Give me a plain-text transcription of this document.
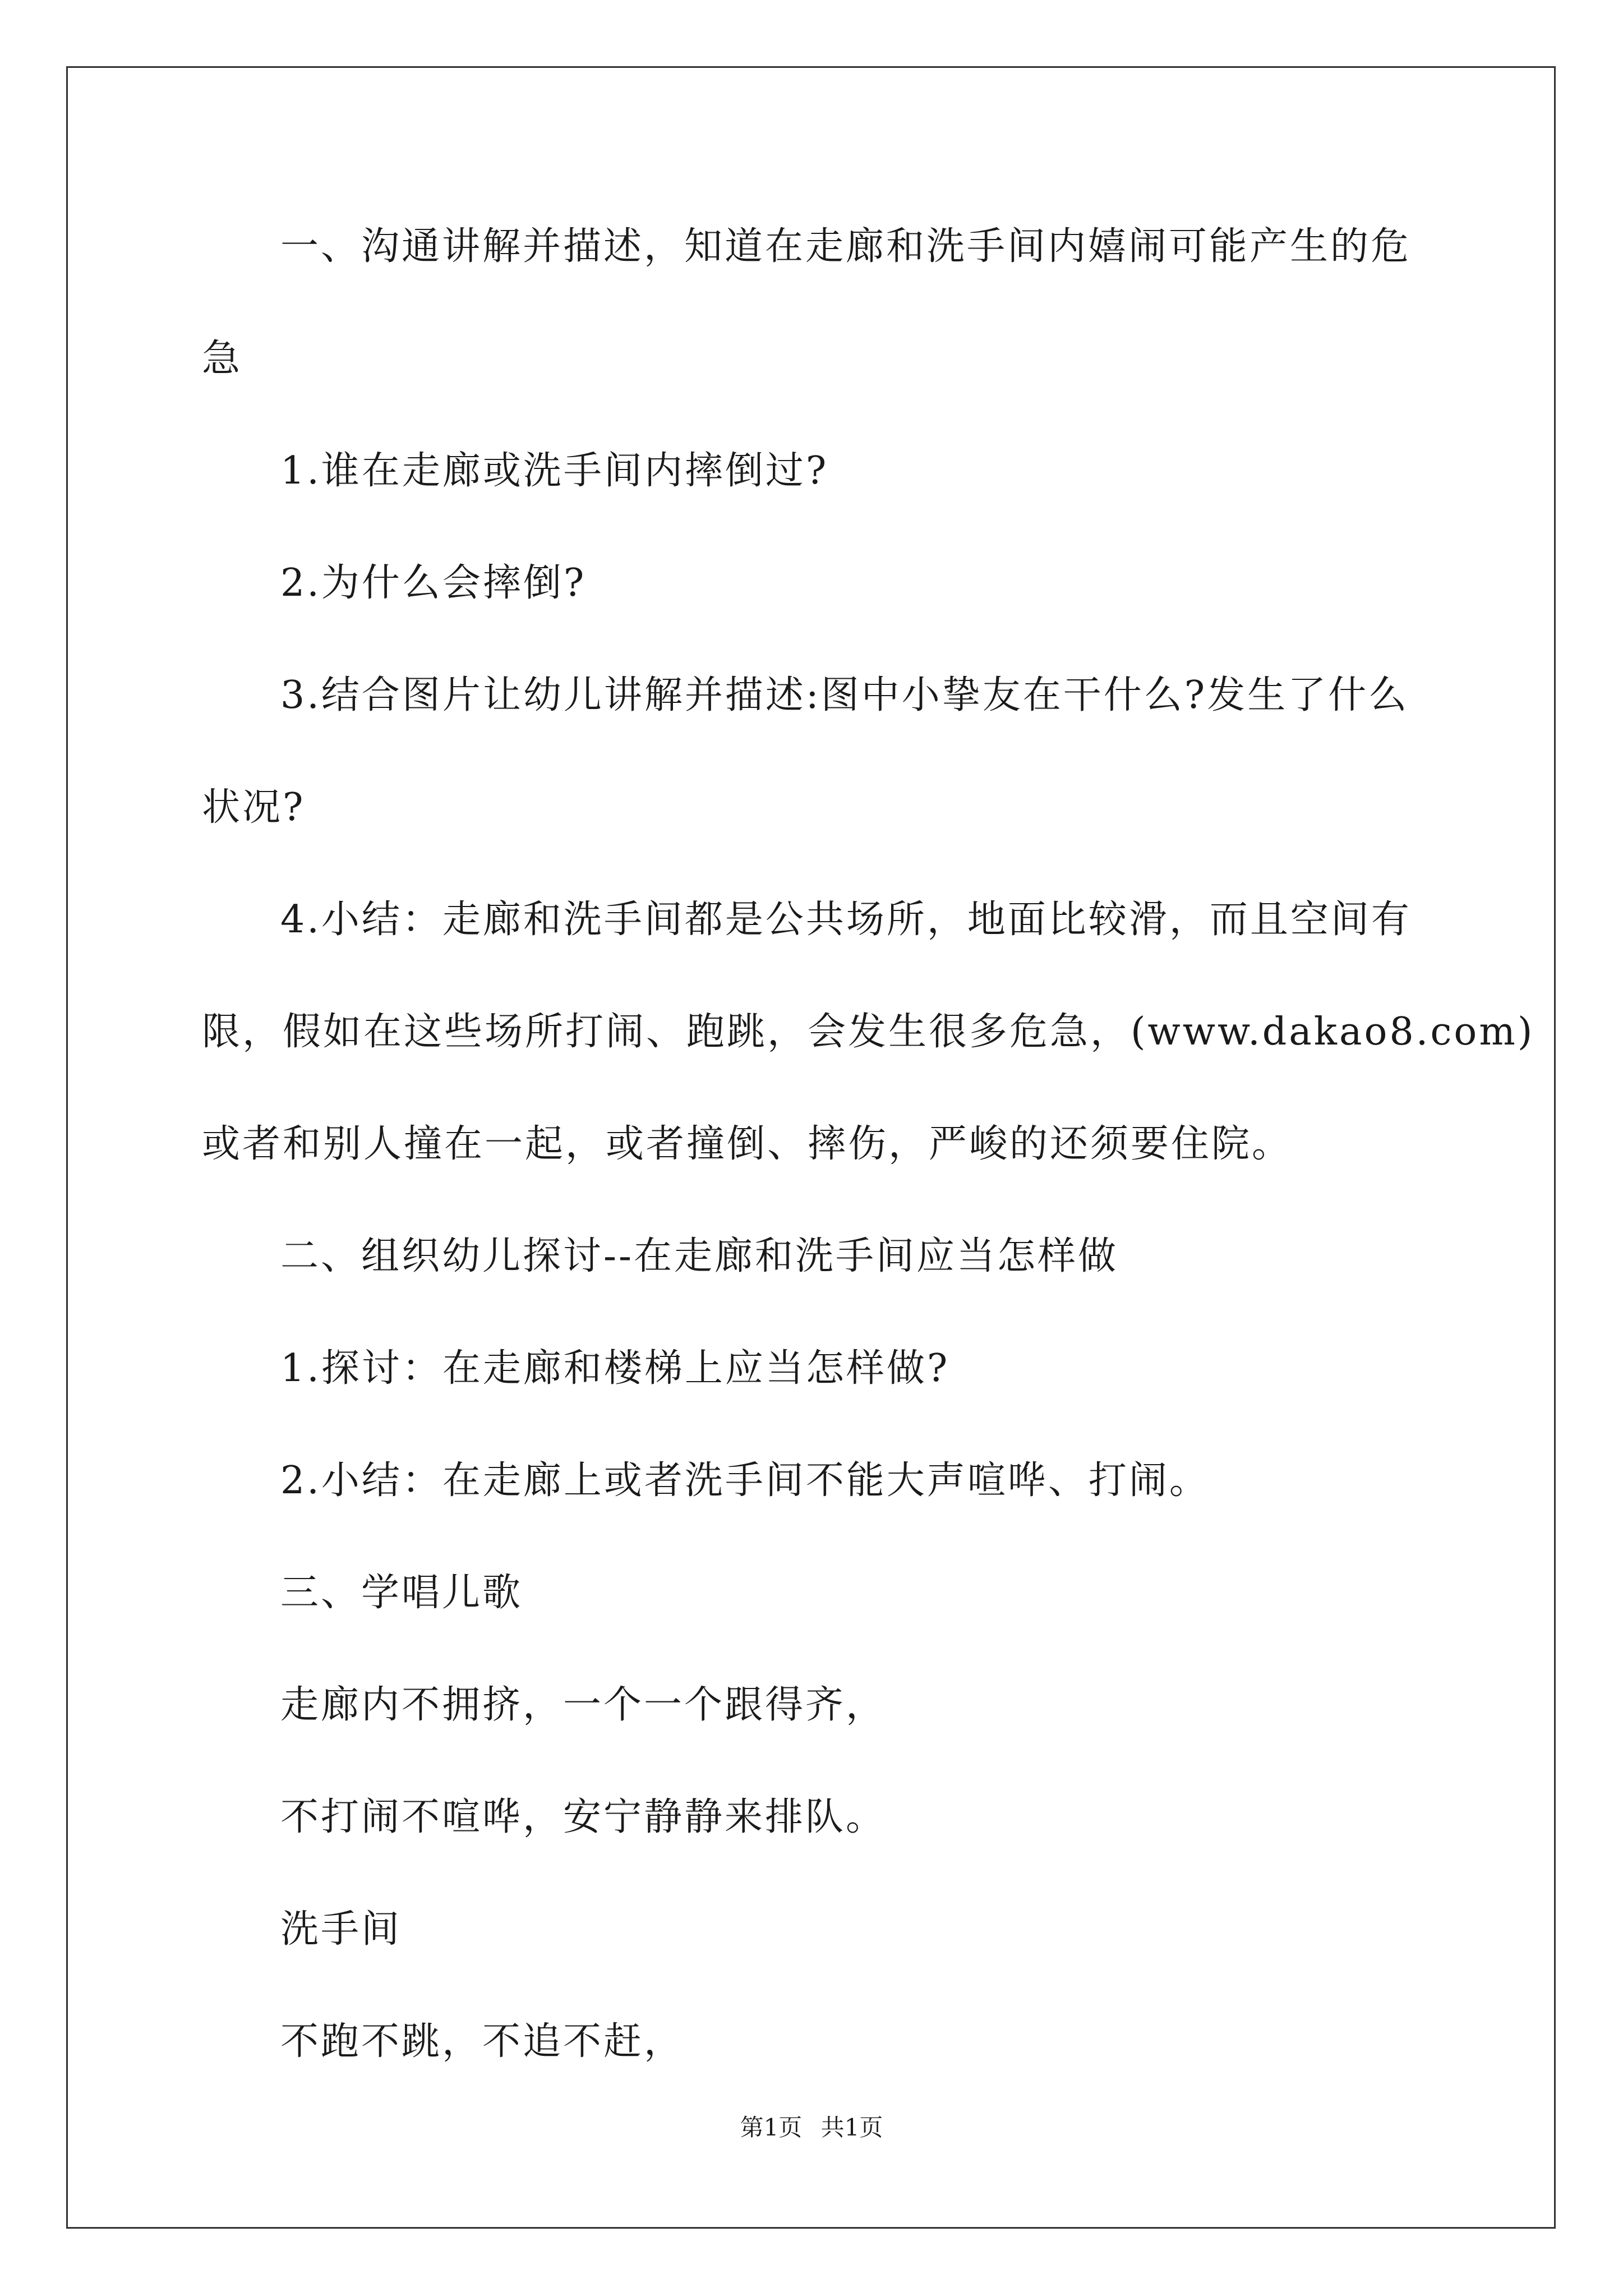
一、沟通讲解并描述，知道在走廊和洗手间内嬉闹可能产生的危
急
1.谁在走廊或洗手间内摔倒过?
2.为什么会摔倒?
3.结合图片让幼儿讲解并描述:图中小挚友在干什么?发生了什么
状况?
4.小结：走廊和洗手间都是公共场所，地面比较滑，而且空间有
限，假如在这些场所打闹、跑跳，会发生很多危急，(www.dakao8.com)
或者和别人撞在一起，或者撞倒、摔伤，严峻的还须要住院。
二、组织幼儿探讨--在走廊和洗手间应当怎样做
1.探讨：在走廊和楼梯上应当怎样做?
2.小结：在走廊上或者洗手间不能大声喧哗、打闹。
三、学唱儿歌
走廊内不拥挤，一个一个跟得齐，
不打闹不喧哗，安宁静静来排队。
洗手间
不跑不跳，不追不赶，
第1页 共1页
